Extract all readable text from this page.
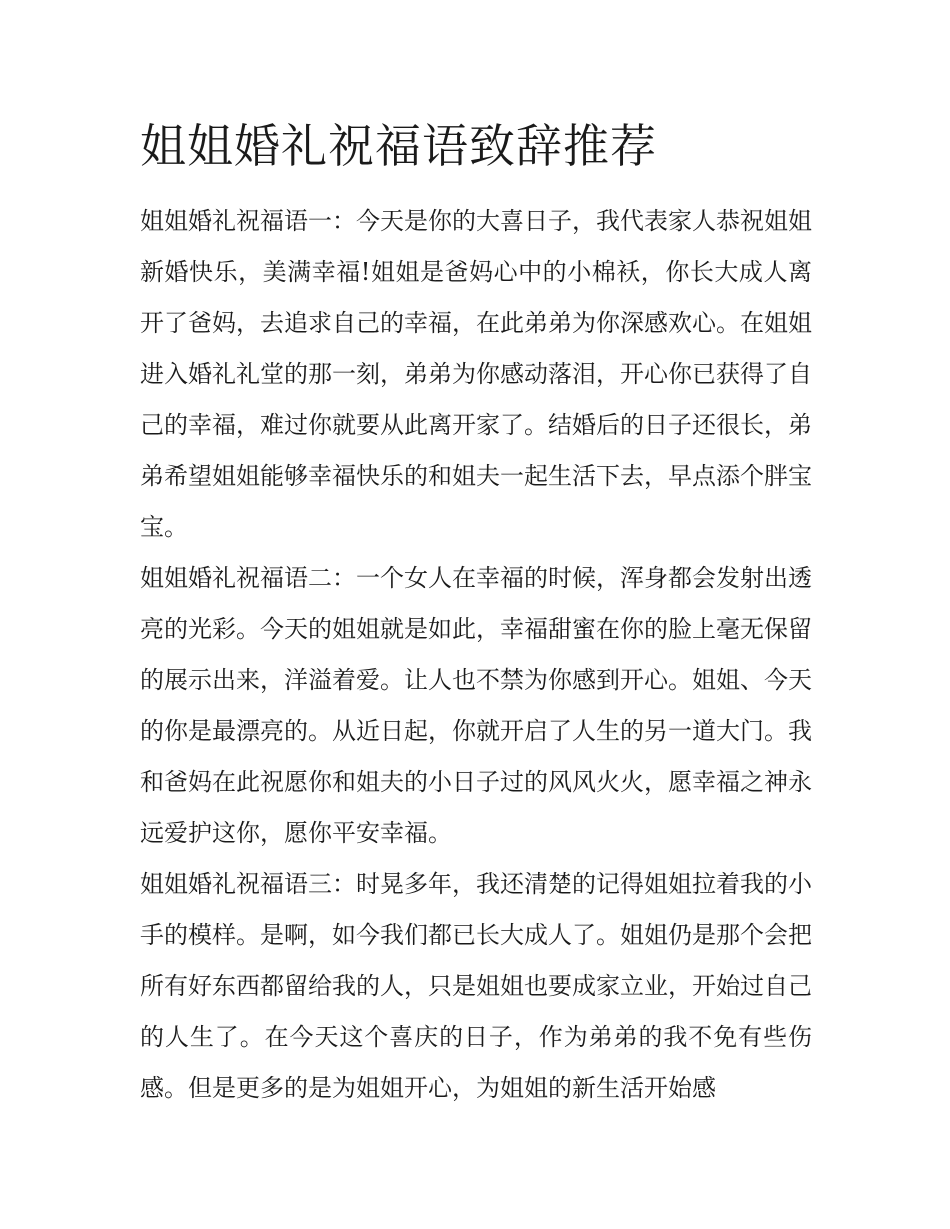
姐姐婚礼祝福语致辞推荐

姐姐婚礼祝福语一：今天是你的大喜日子，我代表家人恭祝姐姐新婚快乐，美满幸福!姐姐是爸妈心中的小棉袄，你长大成人离开了爸妈，去追求自己的幸福，在此弟弟为你深感欢心。在姐姐进入婚礼礼堂的那一刻，弟弟为你感动落泪，开心你已获得了自己的幸福，难过你就要从此离开家了。结婚后的日子还很长，弟弟希望姐姐能够幸福快乐的和姐夫一起生活下去，早点添个胖宝宝。

姐姐婚礼祝福语二：一个女人在幸福的时候，浑身都会发射出透亮的光彩。今天的姐姐就是如此，幸福甜蜜在你的脸上毫无保留的展示出来，洋溢着爱。让人也不禁为你感到开心。姐姐、今天的你是最漂亮的。从近日起，你就开启了人生的另一道大门。我和爸妈在此祝愿你和姐夫的小日子过的风风火火，愿幸福之神永远爱护这你，愿你平安幸福。

姐姐婚礼祝福语三：时晃多年，我还清楚的记得姐姐拉着我的小手的模样。是啊，如今我们都已长大成人了。姐姐仍是那个会把所有好东西都留给我的人，只是姐姐也要成家立业，开始过自己的人生了。在今天这个喜庆的日子，作为弟弟的我不免有些伤感。但是更多的是为姐姐开心，为姐姐的新生活开始感
